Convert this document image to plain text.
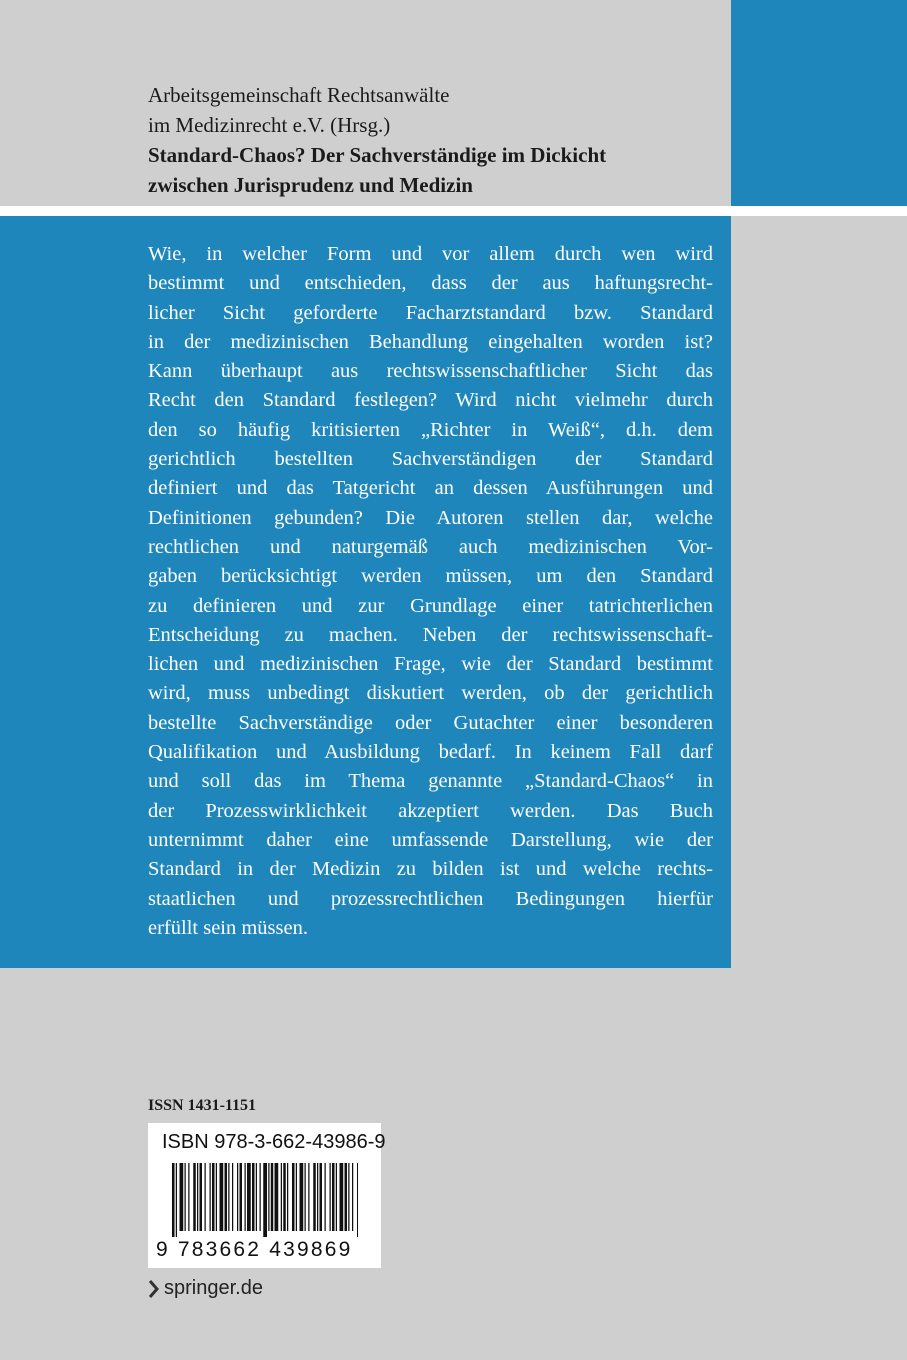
Arbeitsgemeinschaft Rechtsanwälte
im Medizinrecht e.V. (Hrsg.)
Standard-Chaos? Der Sachverständige im Dickicht
zwischen Jurisprudenz und Medizin
Wie, in welcher Form und vor allem durch wen wird
bestimmt und entschieden, dass der aus haftungsrecht-
licher Sicht geforderte Facharztstandard bzw. Standard
in der medizinischen Behandlung eingehalten worden ist?
Kann überhaupt aus rechtswissenschaftlicher Sicht das
Recht den Standard festlegen? Wird nicht vielmehr durch
den so häufig kritisierten „Richter in Weiß“, d.h. dem
gerichtlich bestellten Sachverständigen der Standard
definiert und das Tatgericht an dessen Ausführungen und
Definitionen gebunden? Die Autoren stellen dar, welche
rechtlichen und naturgemäß auch medizinischen Vor-
gaben berücksichtigt werden müssen, um den Standard
zu definieren und zur Grundlage einer tatrichterlichen
Entscheidung zu machen. Neben der rechtswissenschaft-
lichen und medizinischen Frage, wie der Standard bestimmt
wird, muss unbedingt diskutiert werden, ob der gerichtlich
bestellte Sachverständige oder Gutachter einer besonderen
Qualifikation und Ausbildung bedarf. In keinem Fall darf
und soll das im Thema genannte „Standard-Chaos“ in
der Prozesswirklichkeit akzeptiert werden. Das Buch
unternimmt daher eine umfassende Darstellung, wie der
Standard in der Medizin zu bilden ist und welche rechts-
staatlichen und prozessrechtlichen Bedingungen hierfür
erfüllt sein müssen.
ISSN 1431-1151
ISBN 978-3-662-43986-9
9 783662 439869
springer.de
